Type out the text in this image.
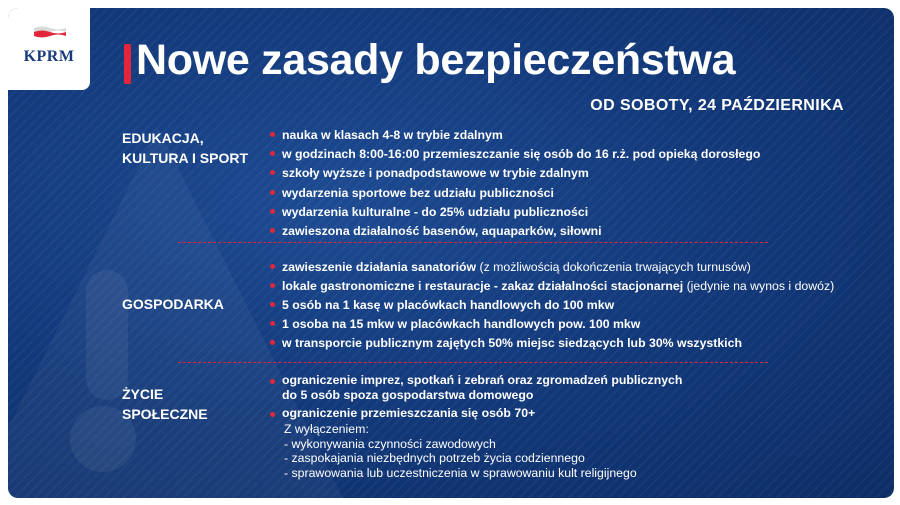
EDUKACJA,
KULTURA I SPORT
nauka w klasach 4-8 w trybie zdalnym
w godzinach 8:00-16:00 przemieszczanie się osób do 16 r.ż. pod opieką dorosłego
szkoły wyższe i ponadpodstawowe w trybie zdalnym
wydarzenia sportowe bez udziału publiczności
wydarzenia kulturalne - do 25% udziału publiczności
zawieszona działalność basenów, aquaparków, siłowni
GOSPODARKA
zawieszenie działania sanatoriów (z możliwością dokończenia trwających turnusów)
lokale gastronomiczne i restauracje - zakaz działalności stacjonarnej (jedynie na wynos i dowóz)
5 osób na 1 kasę w placówkach handlowych do 100 mkw
1 osoba na 15 mkw w placówkach handlowych pow. 100 mkw
w transporcie publicznym zajętych 50% miejsc siedzących lub 30% wszystkich
ŻYCIE
SPOŁECZNE
ograniczenie imprez, spotkań i zebrań oraz zgromadzeń publicznych
do 5 osób spoza gospodarstwa domowego
ograniczenie przemieszczania się osób 70+
Z wyłączeniem:
- wykonywania czynności zawodowych
- zaspokajania niezbędnych potrzeb życia codziennego
- sprawowania lub uczestniczenia w sprawowaniu kult religijnego
KPRM	Nowe zasady bezpieczeństwa
OD SOBOTY, 24 PAŹDZIERNIKA
